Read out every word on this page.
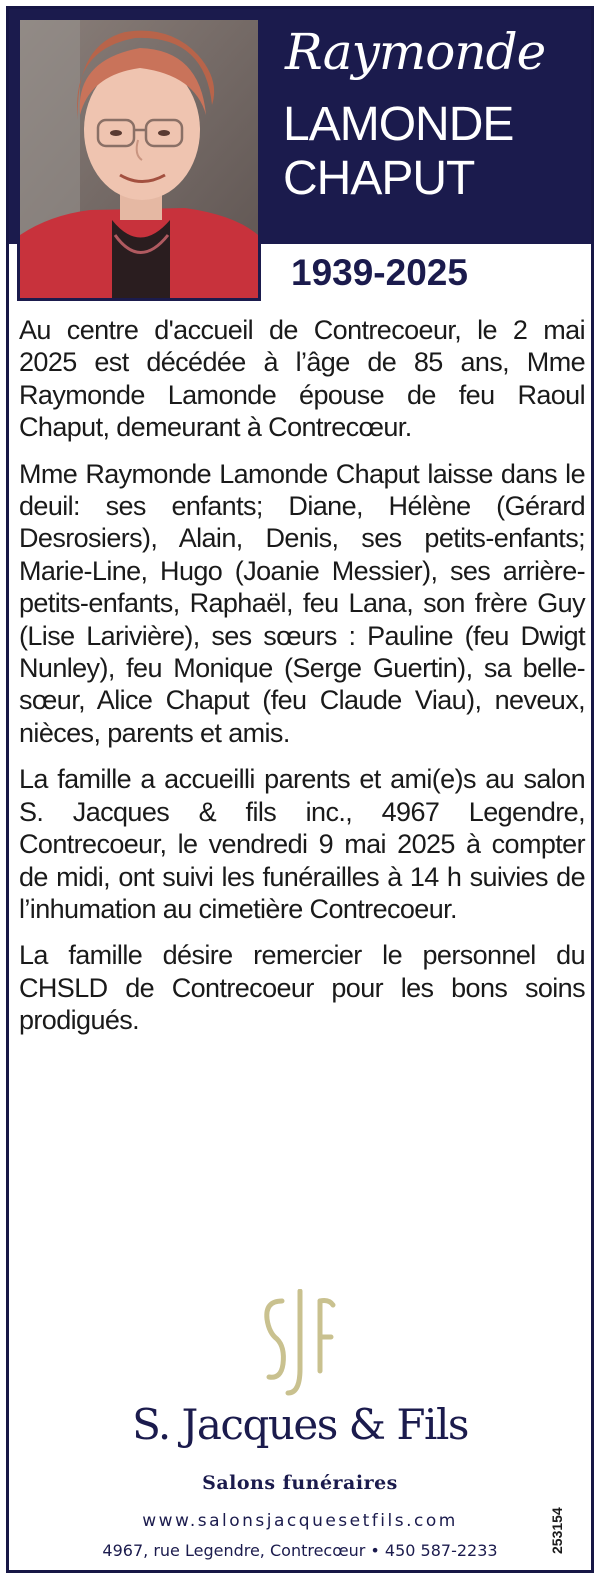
Raymonde
LAMONDE
CHAPUT
1939-2025

Au centre d'accueil de Contrecoeur, le 2 mai 2025 est décédée à l’âge de 85 ans, Mme Raymonde Lamonde épouse de feu Raoul Chaput, demeurant à Contrecœur.

Mme Raymonde Lamonde Chaput laisse dans le deuil: ses enfants; Diane, Hélène (Gérard Desrosiers), Alain, Denis, ses petits-enfants; Marie-Line, Hugo (Joanie Messier), ses arrière-petits-enfants, Raphaël, feu Lana, son frère Guy (Lise Larivière), ses sœurs : Pauline (feu Dwigt Nunley), feu Monique (Serge Guertin), sa belle-sœur, Alice Chaput (feu Claude Viau), neveux, nièces, parents et amis.

La famille a accueilli parents et ami(e)s au salon S. Jacques & fils inc., 4967 Legendre, Contrecoeur, le vendredi 9 mai 2025 à compter de midi, ont suivi les funérailles à 14 h suivies de l’inhumation au cimetière Contrecoeur.

La famille désire remercier le personnel du CHSLD de Contrecoeur pour les bons soins prodigués.

S. Jacques & Fils
Salons funéraires
www.salonsjacquesetfils.com
4967, rue Legendre, Contrecœur • 450 587-2233	253154
